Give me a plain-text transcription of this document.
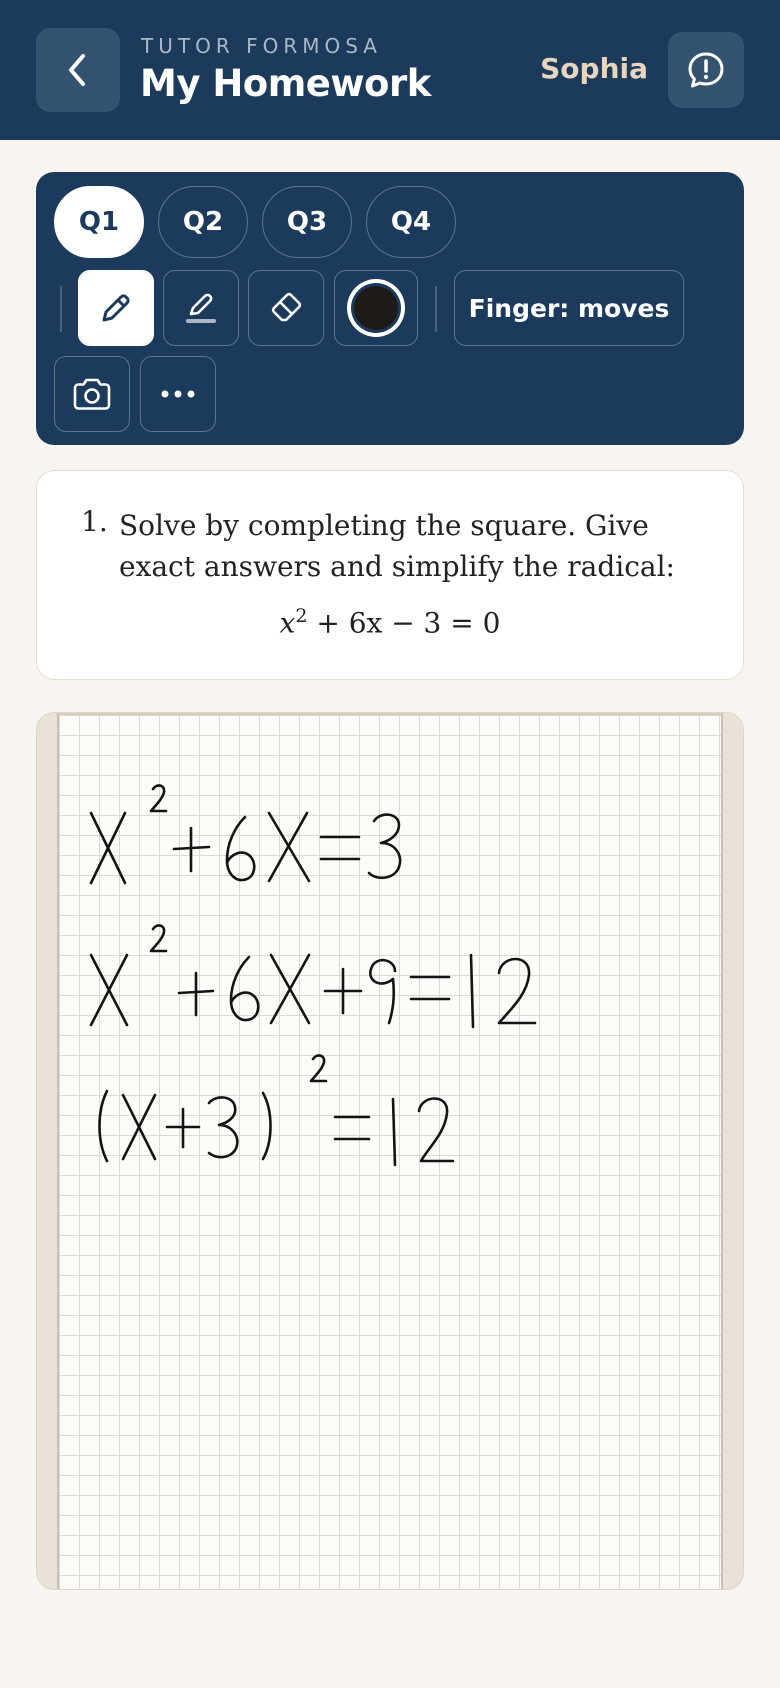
TUTOR FORMOSA
My Homework	Sophia
Q1	Q2	Q3	Q4
Finger: moves
1. Solve by completing the square. Give exact answers and simplify the radical:
$x^2 + 6x - 3 = 0$
